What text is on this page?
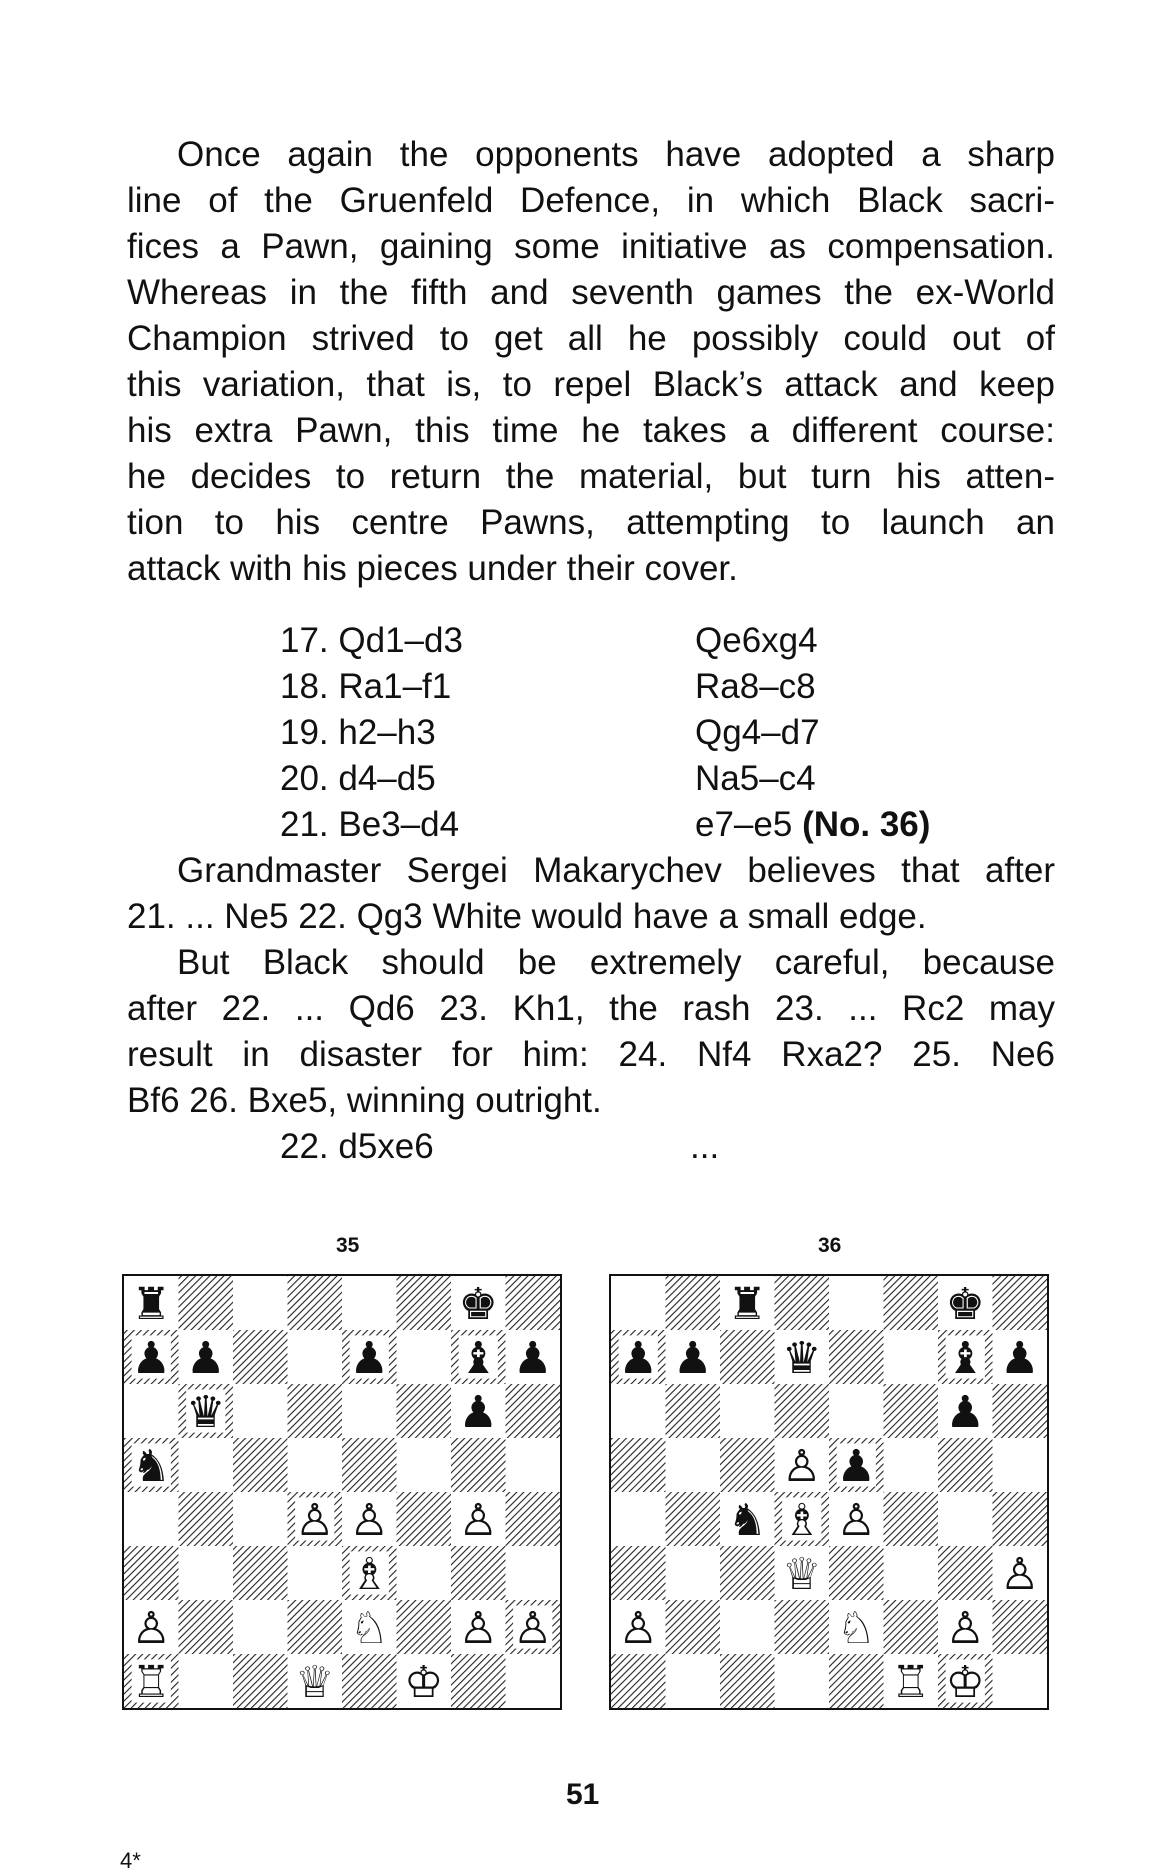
Once again the opponents have adopted a sharp
line of the Gruenfeld Defence, in which Black sacri-
fices a Pawn, gaining some initiative as compensation.
Whereas in the fifth and seventh games the ex-World
Champion strived to get all he possibly could out of
this variation, that is, to repel Black’s attack and keep
his extra Pawn, this time he takes a different course:
he decides to return the material, but turn his atten-
tion to his centre Pawns, attempting to launch an
attack with his pieces under their cover.

17. Qd1–d3	Qe6xg4
18. Ra1–f1	Ra8–c8
19. h2–h3	Qg4–d7
20. d4–d5	Na5–c4
21. Be3–d4	e7–e5 (No. 36)

Grandmaster Sergei Makarychev believes that after
21. ... Ne5 22. Qg3 White would have a small edge.

But Black should be extremely careful, because
after 22. ... Qd6 23. Kh1, the rash 23. ... Rc2 may
result in disaster for him: 24. Nf4 Rxa2? 25. Ne6
Bf6 26. Bxe5, winning outright.

22. d5xe6	...
35	36
♜	♚
♟ ♟	♟ ♝ ♟
♛	♟
♞
♙ ♙ ♙
♗
♙	♘ ♙ ♙
♖	♕ ♔
♜	♚
♟ ♟ ♛	♝ ♟
♟
♙ ♟
♞ ♗ ♙
♕	♙
♙	♘ ♙
♖ ♔
51
4*
